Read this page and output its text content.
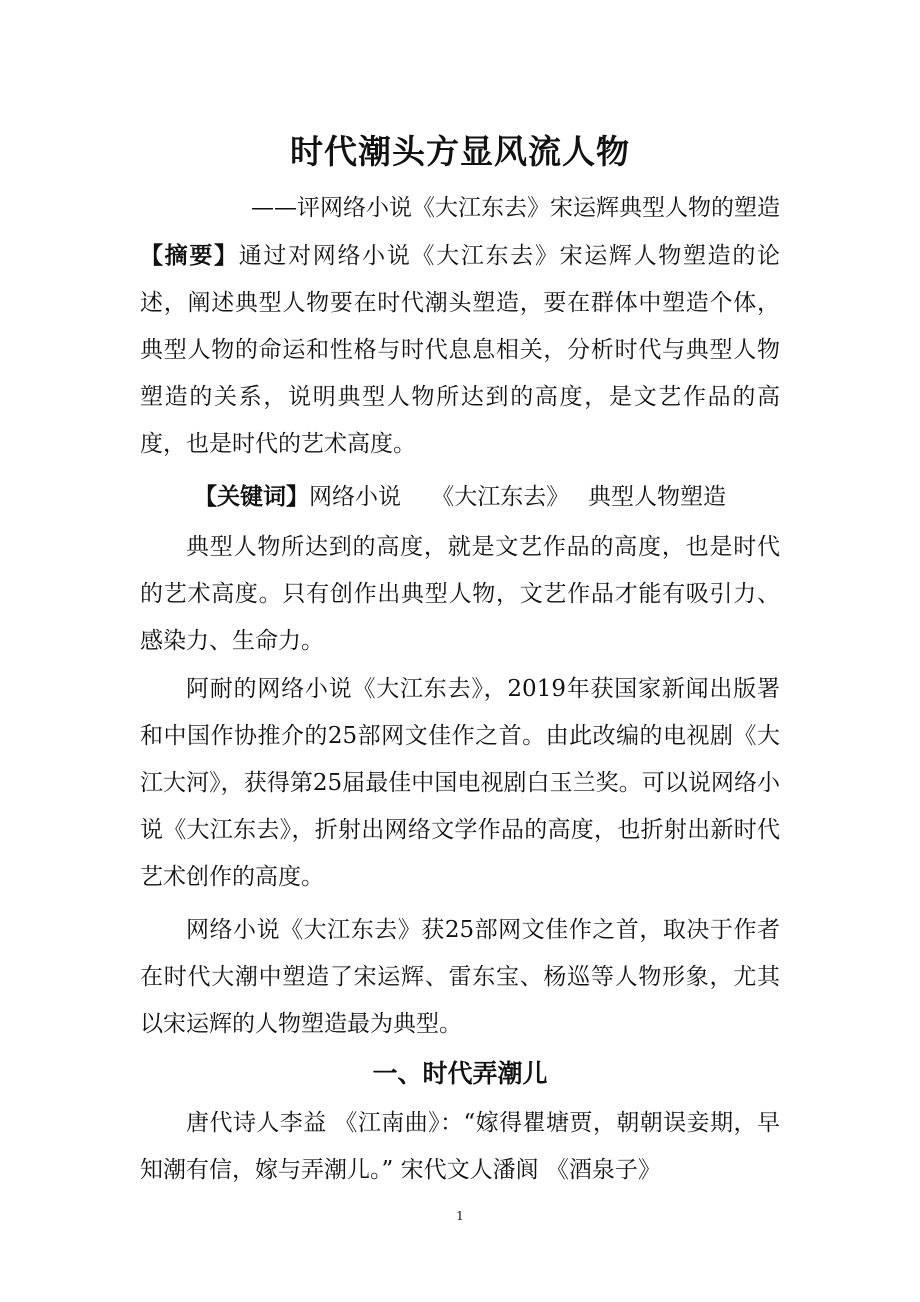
时代潮头方显风流人物
——评网络小说《大江东去》宋运辉典型人物的塑造
【摘要】通过对网络小说《大江东去》宋运辉人物塑造的论述，阐述典型人物要在时代潮头塑造，要在群体中塑造个体，典型人物的命运和性格与时代息息相关，分析时代与典型人物塑造的关系，说明典型人物所达到的高度，是文艺作品的高度，也是时代的艺术高度。
【关键词】网络小说　 《大江东去》　 典型人物塑造
典型人物所达到的高度，就是文艺作品的高度，也是时代的艺术高度。只有创作出典型人物，文艺作品才能有吸引力、感染力、生命力。
阿耐的网络小说《大江东去》，2019年获国家新闻出版署和中国作协推介的25部网文佳作之首。由此改编的电视剧《大江大河》，获得第25届最佳中国电视剧白玉兰奖。可以说网络小说《大江东去》，折射出网络文学作品的高度，也折射出新时代艺术创作的高度。
网络小说《大江东去》获25部网文佳作之首，取决于作者在时代大潮中塑造了宋运辉、雷东宝、杨巡等人物形象，尤其以宋运辉的人物塑造最为典型。
一、时代弄潮儿
唐代诗人李益 《江南曲》：“嫁得瞿塘贾，朝朝误妾期，早知潮有信，嫁与弄潮儿。” 宋代文人潘阆 《酒泉子》
1
